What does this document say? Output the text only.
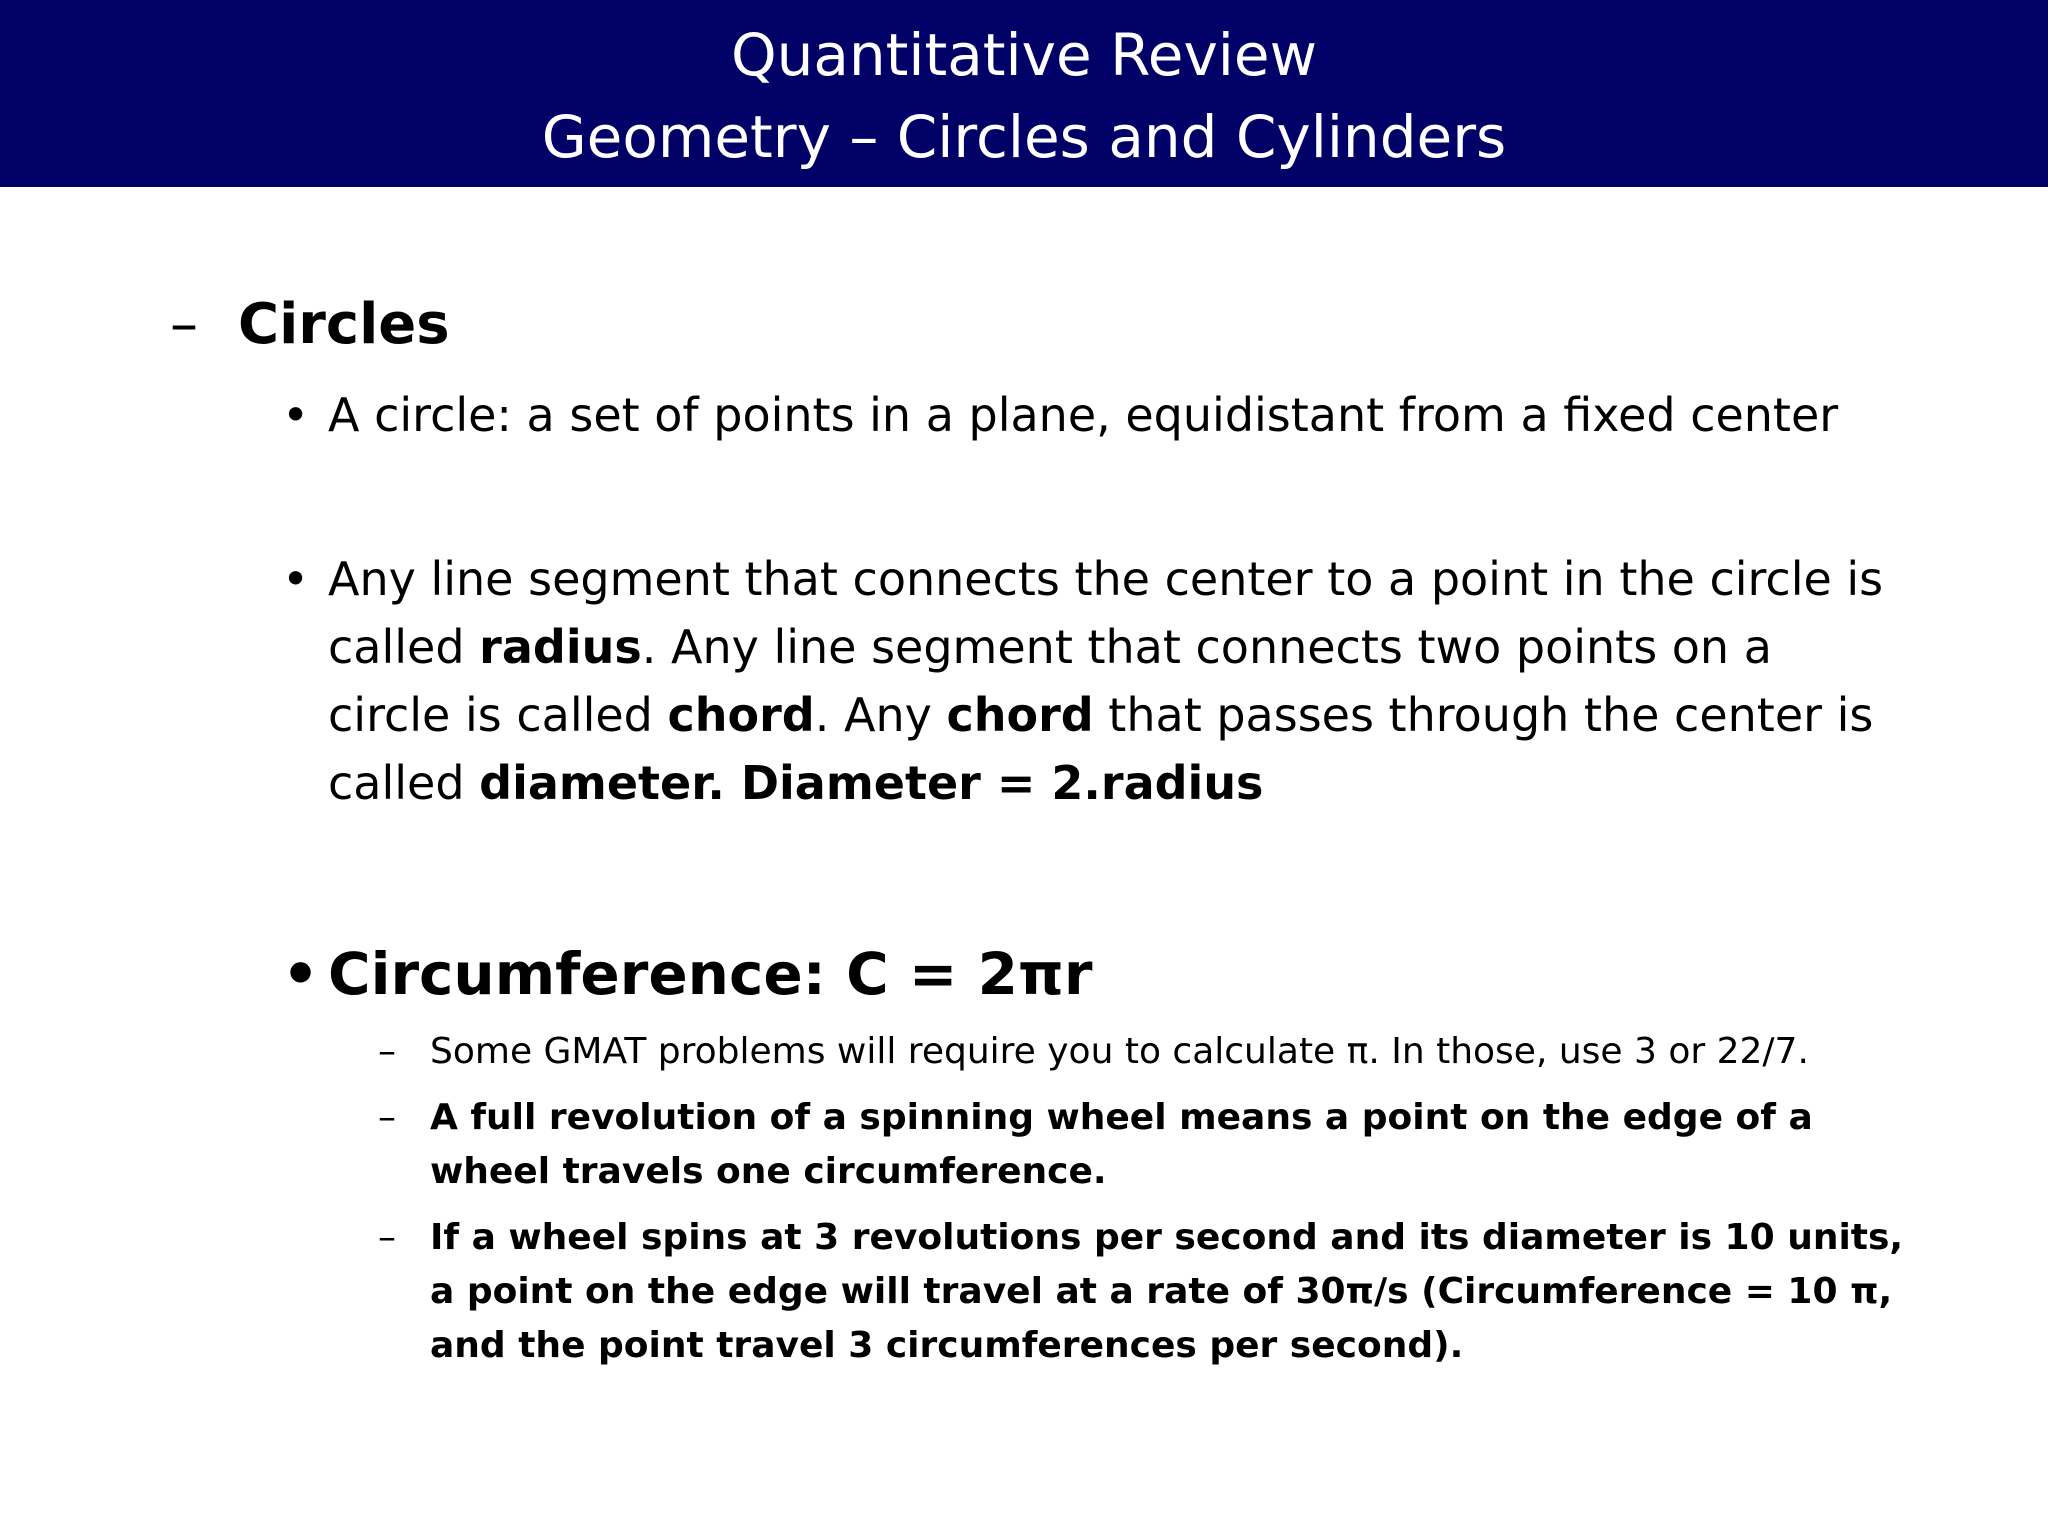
Quantitative Review
Geometry – Circles and Cylinders
– Circles
• A circle: a set of points in a plane, equidistant from a fixed center
• Any line segment that connects the center to a point in the circle is called radius. Any line segment that connects two points on a circle is called chord. Any chord that passes through the center is called diameter. Diameter = 2.radius
• Circumference: C = 2πr
– Some GMAT problems will require you to calculate π. In those, use 3 or 22/7.
– A full revolution of a spinning wheel means a point on the edge of a wheel travels one circumference.
– If a wheel spins at 3 revolutions per second and its diameter is 10 units, a point on the edge will travel at a rate of 30π/s (Circumference = 10 π, and the point travel 3 circumferences per second).
